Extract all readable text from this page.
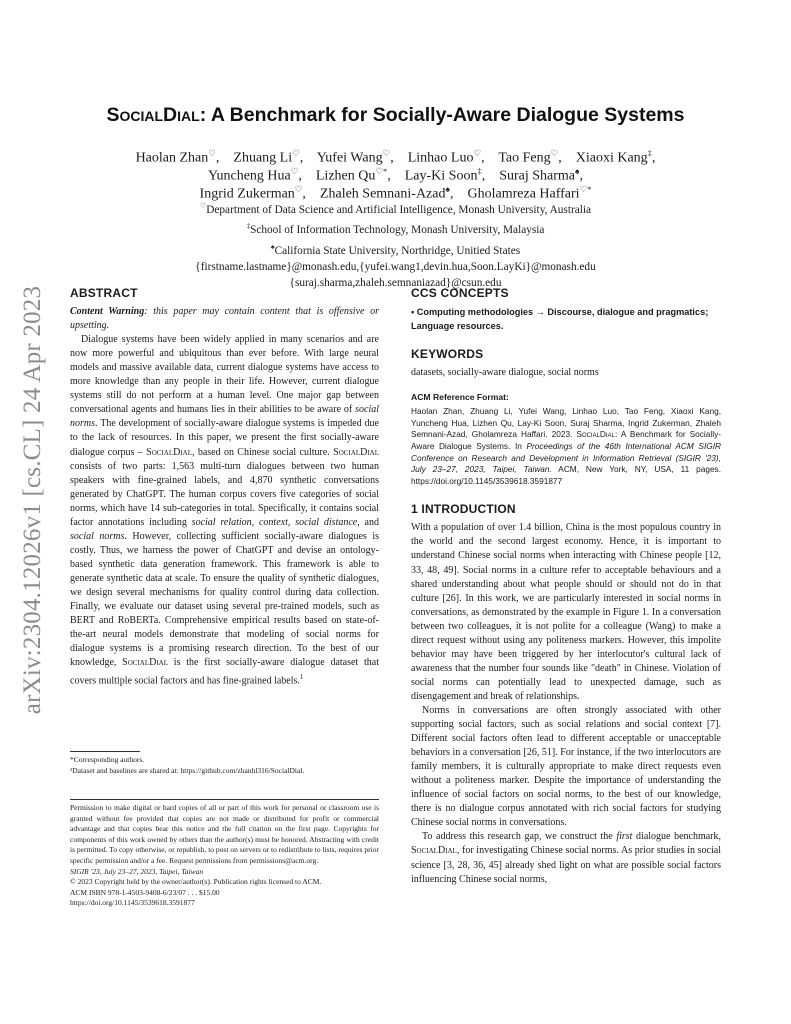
arXiv:2304.12026v1 [cs.CL] 24 Apr 2023
SocialDial: A Benchmark for Socially-Aware Dialogue Systems
Haolan Zhan♡,    Zhuang Li♡,    Yufei Wang♡,    Linhao Luo♡,    Tao Feng♡,    Xiaoxi Kang‡,
Yuncheng Hua♡,    Lizhen Qu♡*,    Lay-Ki Soon‡,    Suraj Sharma♠,
Ingrid Zukerman♡,    Zhaleh Semnani-Azad♠,    Gholamreza Haffari♡*
♡Department of Data Science and Artificial Intelligence, Monash University, Australia
‡School of Information Technology, Monash University, Malaysia
♠California State University, Northridge, Unitied States
{firstname.lastname}@monash.edu,{yufei.wang1,devin.hua,Soon.LayKi}@monash.edu
{suraj.sharma,zhaleh.semnaniazad}@csun.edu
ABSTRACT

Content Warning: this paper may contain content that is offensive or upsetting.

Dialogue systems have been widely applied in many scenarios and are now more powerful and ubiquitous than ever before. With large neural models and massive available data, current dialogue systems have access to more knowledge than any people in their life. However, current dialogue systems still do not perform at a human level. One major gap between conversational agents and humans lies in their abilities to be aware of social norms. The development of socially-aware dialogue systems is impeded due to the lack of resources. In this paper, we present the first socially-aware dialogue corpus – SocialDial, based on Chinese social culture. SocialDial consists of two parts: 1,563 multi-turn dialogues between two human speakers with fine-grained labels, and 4,870 synthetic conversations generated by ChatGPT. The human corpus covers five categories of social norms, which have 14 sub-categories in total. Specifically, it contains social factor annotations including social relation, context, social distance, and social norms. However, collecting sufficient socially-aware dialogues is costly. Thus, we harness the power of ChatGPT and devise an ontology-based synthetic data generation framework. This framework is able to generate synthetic data at scale. To ensure the quality of synthetic dialogues, we design several mechanisms for quality control during data collection. Finally, we evaluate our dataset using several pre-trained models, such as BERT and RoBERTa. Comprehensive empirical results based on state-of-the-art neural models demonstrate that modeling of social norms for dialogue systems is a promising research direction. To the best of our knowledge, SocialDial is the first socially-aware dialogue dataset that covers multiple social factors and has fine-grained labels.$^1$

*Corresponding authors.
¹Dataset and baselines are shared at: https://github.com/zhanhl316/SocialDial.

Permission to make digital or hard copies of all or part of this work for personal or classroom use is granted without fee provided that copies are not made or distributed for profit or commercial advantage and that copies bear this notice and the full citation on the first page. Copyrights for components of this work owned by others than the author(s) must be honored. Abstracting with credit is permitted. To copy otherwise, or republish, to post on servers or to redistribute to lists, requires prior specific permission and/or a fee. Request permissions from permissions@acm.org.

SIGIR '23, July 23–27, 2023, Taipei, Taiwan

© 2023 Copyright held by the owner/author(s). Publication rights licensed to ACM.

ACM ISBN 978-1-4503-9408-6/23/07 . . . $15.00

https://doi.org/10.1145/3539618.3591877

CCS CONCEPTS

• Computing methodologies → Discourse, dialogue and pragmatics; Language resources.

KEYWORDS

datasets, socially-aware dialogue, social norms

ACM Reference Format:

Haolan Zhan, Zhuang Li, Yufei Wang, Linhao Luo, Tao Feng, Xiaoxi Kang, Yuncheng Hua, Lizhen Qu, Lay-Ki Soon, Suraj Sharma, Ingrid Zukerman, Zhaleh Semnani-Azad, Gholamreza Haffari. 2023. SocialDial: A Benchmark for Socially-Aware Dialogue Systems. In Proceedings of the 46th International ACM SIGIR Conference on Research and Development in Information Retrieval (SIGIR '23), July 23–27, 2023, Taipei, Taiwan. ACM, New York, NY, USA, 11 pages. https://doi.org/10.1145/3539618.3591877

1 INTRODUCTION

With a population of over 1.4 billion, China is the most populous country in the world and the second largest economy. Hence, it is important to understand Chinese social norms when interacting with Chinese people [12, 33, 48, 49]. Social norms in a culture refer to acceptable behaviours and a shared understanding about what people should or should not do in that culture [26]. In this work, we are particularly interested in social norms in conversations, as demonstrated by the example in Figure 1. In a conversation between two colleagues, it is not polite for a colleague (Wang) to make a direct request without using any politeness markers. However, this impolite behavior may have been triggered by her interlocutor's cultural lack of awareness that the number four sounds like "death" in Chinese. Violation of social norms can potentially lead to unexpected damage, such as disengagement and break of relationships.

Norms in conversations are often strongly associated with other supporting social factors, such as social relations and social context [7]. Different social factors often lead to different acceptable or unacceptable behaviors in a conversation [26, 51]. For instance, if the two interlocutors are family members, it is culturally appropriate to make direct requests even without a politeness marker. Despite the importance of understanding the influence of social factors on social norms, to the best of our knowledge, there is no dialogue corpus annotated with rich social factors for studying Chinese social norms in conversations.

To address this research gap, we construct the first dialogue benchmark, SocialDial, for investigating Chinese social norms. As prior studies in social science [3, 28, 36, 45] already shed light on what are possible social factors influencing Chinese social norms,
